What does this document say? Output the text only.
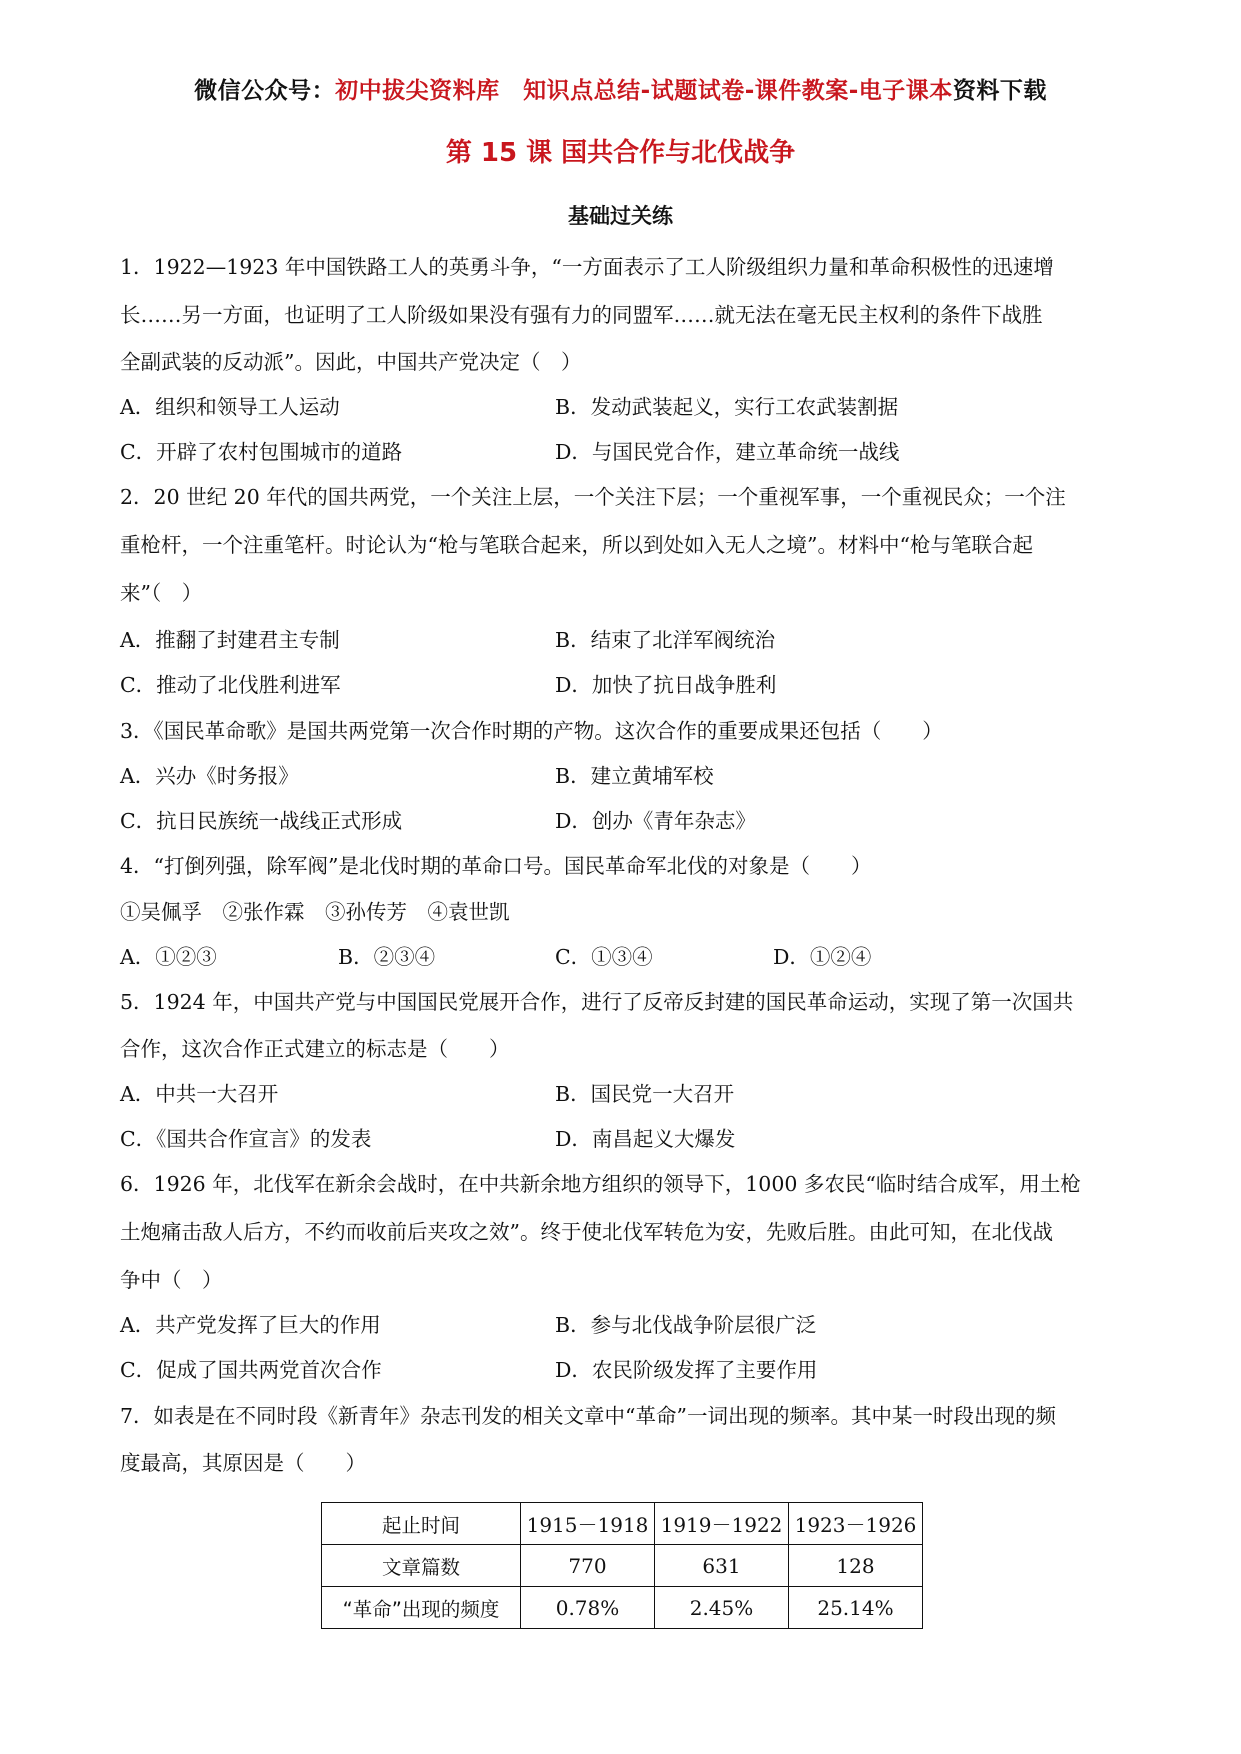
微信公众号：初中拔尖资料库　知识点总结-试题试卷-课件教案-电子课本资料下载
第 15 课 国共合作与北伐战争
基础过关练
1．1922—1923 年中国铁路工人的英勇斗争，“一方面表示了工人阶级组织力量和革命积极性的迅速增
长……另一方面，也证明了工人阶级如果没有强有力的同盟军……就无法在毫无民主权利的条件下战胜
全副武装的反动派”。因此，中国共产党决定（　）
A．组织和领导工人运动	B．发动武装起义，实行工农武装割据
C．开辟了农村包围城市的道路	D．与国民党合作，建立革命统一战线
2．20 世纪 20 年代的国共两党，一个关注上层，一个关注下层；一个重视军事，一个重视民众；一个注
重枪杆，一个注重笔杆。时论认为“枪与笔联合起来，所以到处如入无人之境”。材料中“枪与笔联合起
来”（　）
A．推翻了封建君主专制	B．结束了北洋军阀统治
C．推动了北伐胜利进军	D．加快了抗日战争胜利
3．《国民革命歌》是国共两党第一次合作时期的产物。这次合作的重要成果还包括（　　）
A．兴办《时务报》	B．建立黄埔军校
C．抗日民族统一战线正式形成	D．创办《青年杂志》
4．“打倒列强，除军阀”是北伐时期的革命口号。国民革命军北伐的对象是（　　）
①吴佩孚　②张作霖　③孙传芳　④袁世凯
A．①②③	B．②③④	C．①③④	D．①②④
5．1924 年，中国共产党与中国国民党展开合作，进行了反帝反封建的国民革命运动，实现了第一次国共
合作，这次合作正式建立的标志是（　　）
A．中共一大召开	B．国民党一大召开
C．《国共合作宣言》的发表	D．南昌起义大爆发
6．1926 年，北伐军在新余会战时，在中共新余地方组织的领导下，1000 多农民“临时结合成军，用土枪
土炮痛击敌人后方，不约而收前后夹攻之效”。终于使北伐军转危为安，先败后胜。由此可知，在北伐战
争中（　）
A．共产党发挥了巨大的作用	B．参与北伐战争阶层很广泛
C．促成了国共两党首次合作	D．农民阶级发挥了主要作用
7．如表是在不同时段《新青年》杂志刊发的相关文章中“革命”一词出现的频率。其中某一时段出现的频
度最高，其原因是（　　）
起止时间	1915－1918	1919－1922	1923－1926
文章篇数	770	631	128
“革命”出现的频度	0.78%	2.45%	25.14%
